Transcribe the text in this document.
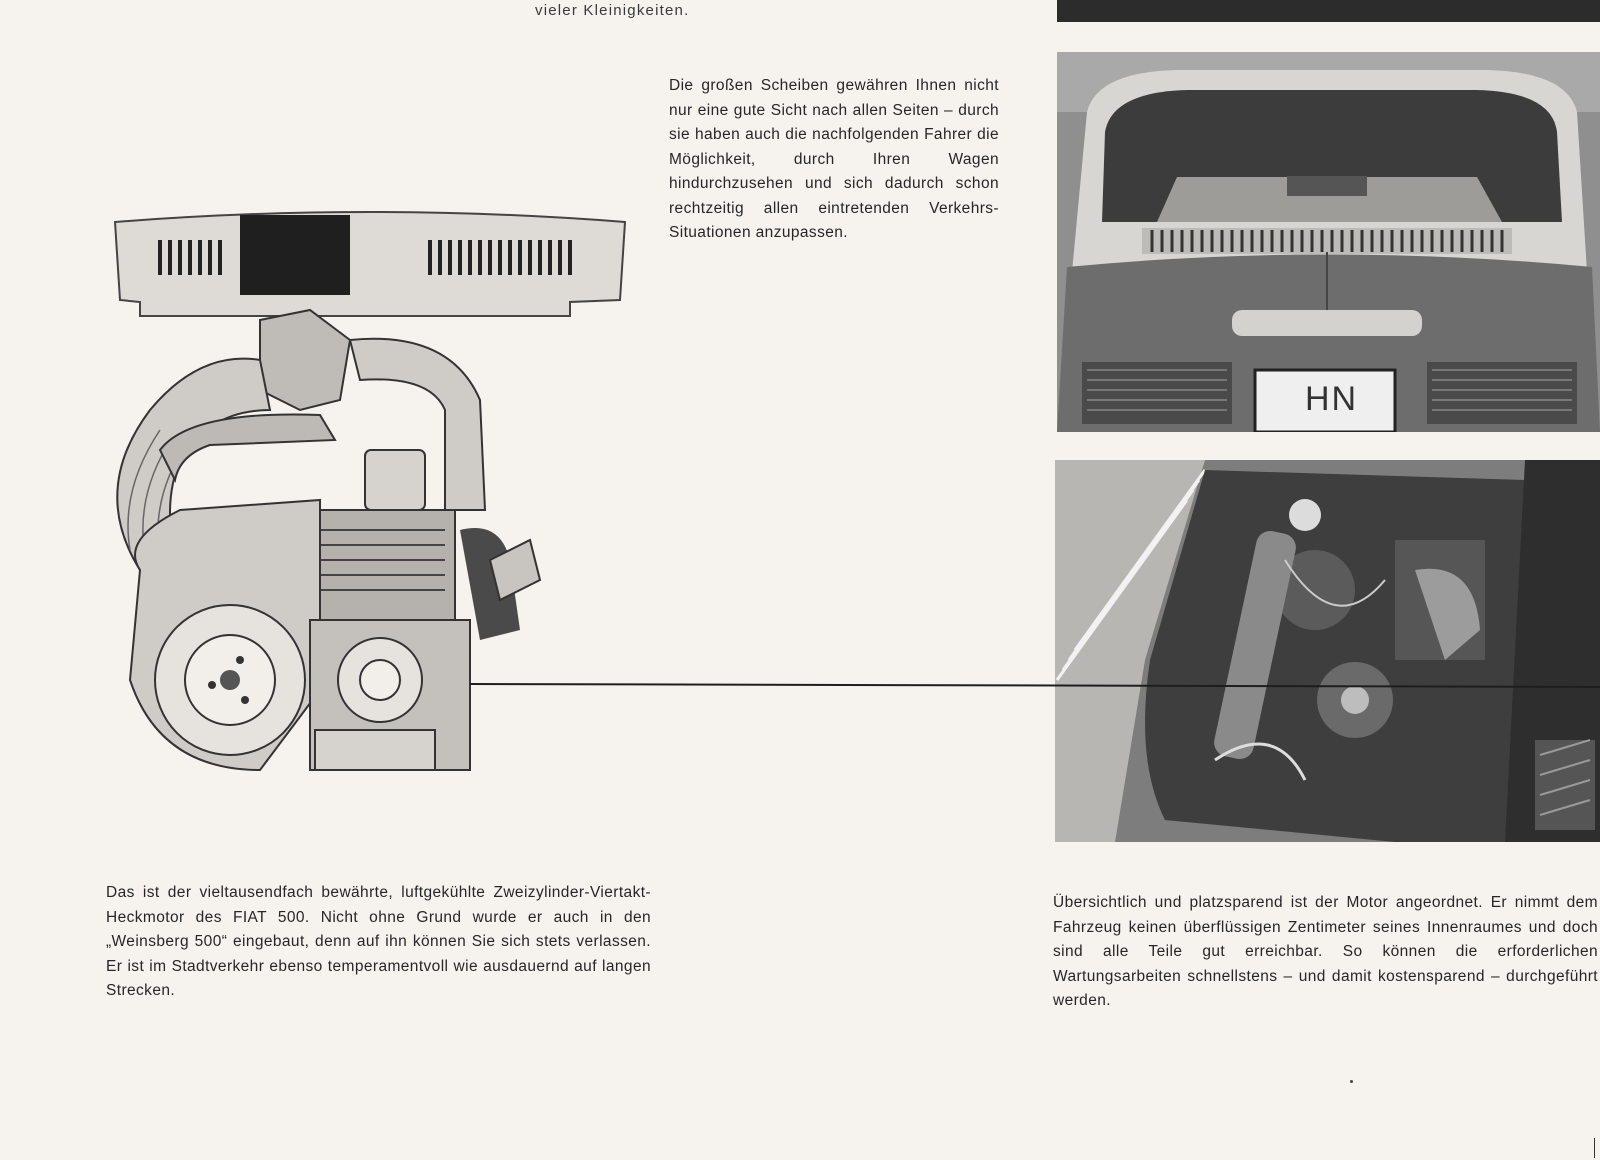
vieler Kleinigkeiten.

Die großen Scheiben gewähren Ihnen nicht nur eine gute Sicht nach allen Seiten – durch sie haben auch die nachfolgenden Fahrer die Möglichkeit, durch Ihren Wagen hindurchzusehen und sich dadurch schon rechtzeitig allen eintretenden Verkehrs-Situationen anzupassen.

HN

Das ist der vieltausendfach bewährte, luftgekühlte Zweizylinder-Viertakt-Heckmotor des FIAT 500. Nicht ohne Grund wurde er auch in den „Weinsberg 500“ eingebaut, denn auf ihn können Sie sich stets verlassen. Er ist im Stadtverkehr ebenso temperamentvoll wie ausdauernd auf langen Strecken.

Übersichtlich und platzsparend ist der Motor angeordnet. Er nimmt dem Fahrzeug keinen überflüssigen Zentimeter seines Innenraumes und doch sind alle Teile gut erreichbar. So können die erforderlichen Wartungsarbeiten schnellstens – und damit kostensparend – durchgeführt werden.
